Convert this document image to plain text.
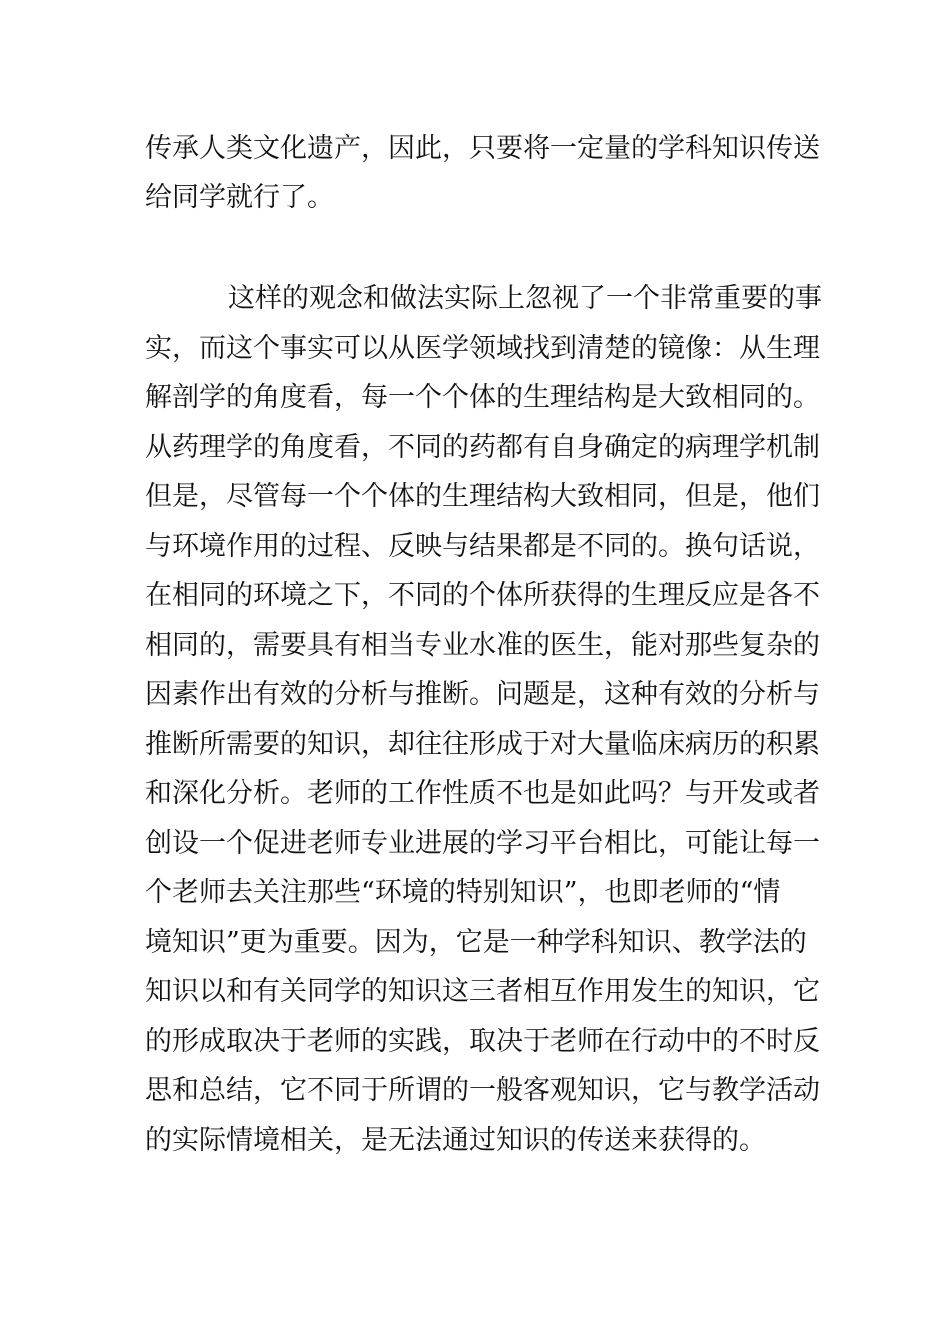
传承人类文化遗产，因此，只要将一定量的学科知识传送
给同学就行了。
这样的观念和做法实际上忽视了一个非常重要的事
实，而这个事实可以从医学领域找到清楚的镜像：从生理
解剖学的角度看，每一个个体的生理结构是大致相同的。
从药理学的角度看，不同的药都有自身确定的病理学机制
但是，尽管每一个个体的生理结构大致相同，但是，他们
与环境作用的过程、反映与结果都是不同的。换句话说，
在相同的环境之下，不同的个体所获得的生理反应是各不
相同的，需要具有相当专业水准的医生，能对那些复杂的
因素作出有效的分析与推断。问题是，这种有效的分析与
推断所需要的知识，却往往形成于对大量临床病历的积累
和深化分析。老师的工作性质不也是如此吗？与开发或者
创设一个促进老师专业进展的学习平台相比，可能让每一
个老师去关注那些“环境的特别知识”，也即老师的“情
境知识”更为重要。因为，它是一种学科知识、教学法的
知识以和有关同学的知识这三者相互作用发生的知识，它
的形成取决于老师的实践，取决于老师在行动中的不时反
思和总结，它不同于所谓的一般客观知识，它与教学活动
的实际情境相关，是无法通过知识的传送来获得的。
